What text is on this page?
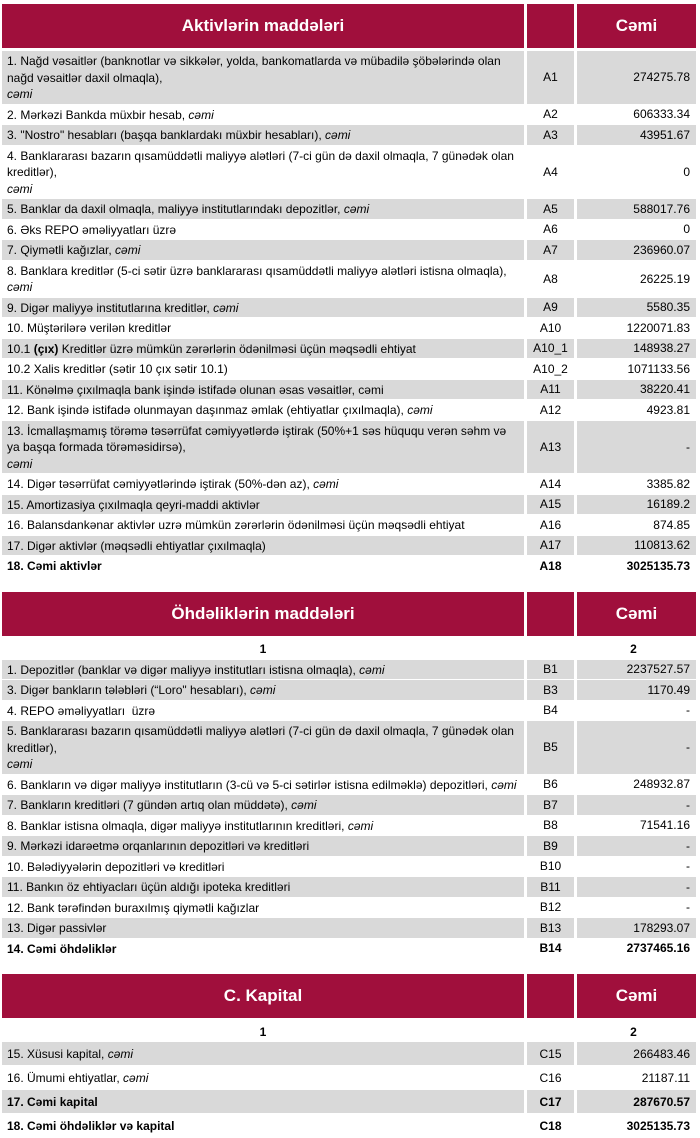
Aktivlərin maddələri	Cəmi
1. Nağd vəsaitlər (banknotlar və sikkələr, yolda, bankomatlarda və mübadilə şöbələrində olan nağd vəsaitlər daxil olmaqla),
cəmi
A1	274275.78
2. Mərkəzi Bankda müxbir hesab, cəmi	A2	606333.34
3. "Nostro" hesabları (başqa banklardakı müxbir hesabları), cəmi	A3	43951.67
4. Banklararası bazarın qısamüddətli maliyyə alətləri (7-ci gün də daxil olmaqla, 7 günədək olan kreditlər),
cəmi
A4	0
5. Banklar da daxil olmaqla, maliyyə institutlarındakı depozitlər, cəmi	A5	588017.76
6. Əks REPO əməliyyatları üzrə	A6	0
7. Qiymətli kağızlar, cəmi	A7	236960.07
8. Banklara kreditlər (5-ci sətir üzrə banklararası qısamüddətli maliyyə alətləri istisna olmaqla),
cəmi
A8	26225.19
9. Digər maliyyə institutlarına kreditlər, cəmi	A9	5580.35
10. Müştərilərə verilən kreditlər	A10	1220071.83
10.1 (çıx) Kreditlər üzrə mümkün zərərlərin ödənilməsi üçün məqsədli ehtiyat	A10_1	148938.27
10.2 Xalis kreditlər (sətir 10 çıx sətir 10.1)	A10_2	1071133.56
11. Könəlmə çıxılmaqla bank işində istifadə olunan əsas vəsaitlər, cəmi	A11	38220.41
12. Bank işində istifadə olunmayan daşınmaz əmlak (ehtiyatlar çıxılmaqla), cəmi	A12	4923.81
13. İcmallaşmamış törəmə təsərrüfat cəmiyyətlərdə iştirak (50%+1 səs hüququ verən səhm və ya başqa formada törəməsidirsə),
cəmi
A13	-
14. Digər təsərrüfat cəmiyyətlərində iştirak (50%-dən az), cəmi	A14	3385.82
15. Amortizasiya çıxılmaqla qeyri-maddi aktivlər	A15	16189.2
16. Balansdankənar aktivlər uzrə mümkün zərərlərin ödənilməsi üçün məqsədli ehtiyat	A16	874.85
17. Digər aktivlər (məqsədli ehtiyatlar çıxılmaqla)	A17	110813.62
18. Cəmi aktivlər	A18	3025135.73
Öhdəliklərin maddələri	Cəmi
1	2
1. Depozitlər (banklar və digər maliyyə institutları istisna olmaqla), cəmi	B1	2237527.57
3. Digər bankların tələbləri (“Loro" hesabları), cəmi	B3	1170.49
4. REPO əməliyyatları  üzrə	B4	-
5. Banklararası bazarın qısamüddətli maliyyə alətləri (7-ci gün də daxil olmaqla, 7 günədək olan kreditlər),
cəmi
B5	-
6. Bankların və digər maliyyə institutların (3-cü və 5-ci sətirlər istisna edilməklə) depozitləri, cəmi	B6	248932.87
7. Bankların kreditləri (7 gündən artıq olan müddətə), cəmi	B7	-
8. Banklar istisna olmaqla, digər maliyyə institutlarının kreditləri, cəmi	B8	71541.16
9. Mərkəzi idarəetmə orqanlarının depozitləri və kreditləri	B9	-
10. Bələdiyyələrin depozitləri və kreditləri	B10	-
11. Bankın öz ehtiyacları üçün aldığı ipoteka kreditləri	B11	-
12. Bank tərəfindən buraxılmış qiymətli kağızlar	B12	-
13. Digər passivlər	B13	178293.07
14. Cəmi öhdəliklər	B14	2737465.16
C. Kapital	Cəmi
1	2
15. Xüsusi kapital, cəmi	C15	266483.46
16. Ümumi ehtiyatlar, cəmi	C16	21187.11
17. Cəmi kapital	C17	287670.57
18. Cəmi öhdəliklər və kapital	C18	3025135.73
